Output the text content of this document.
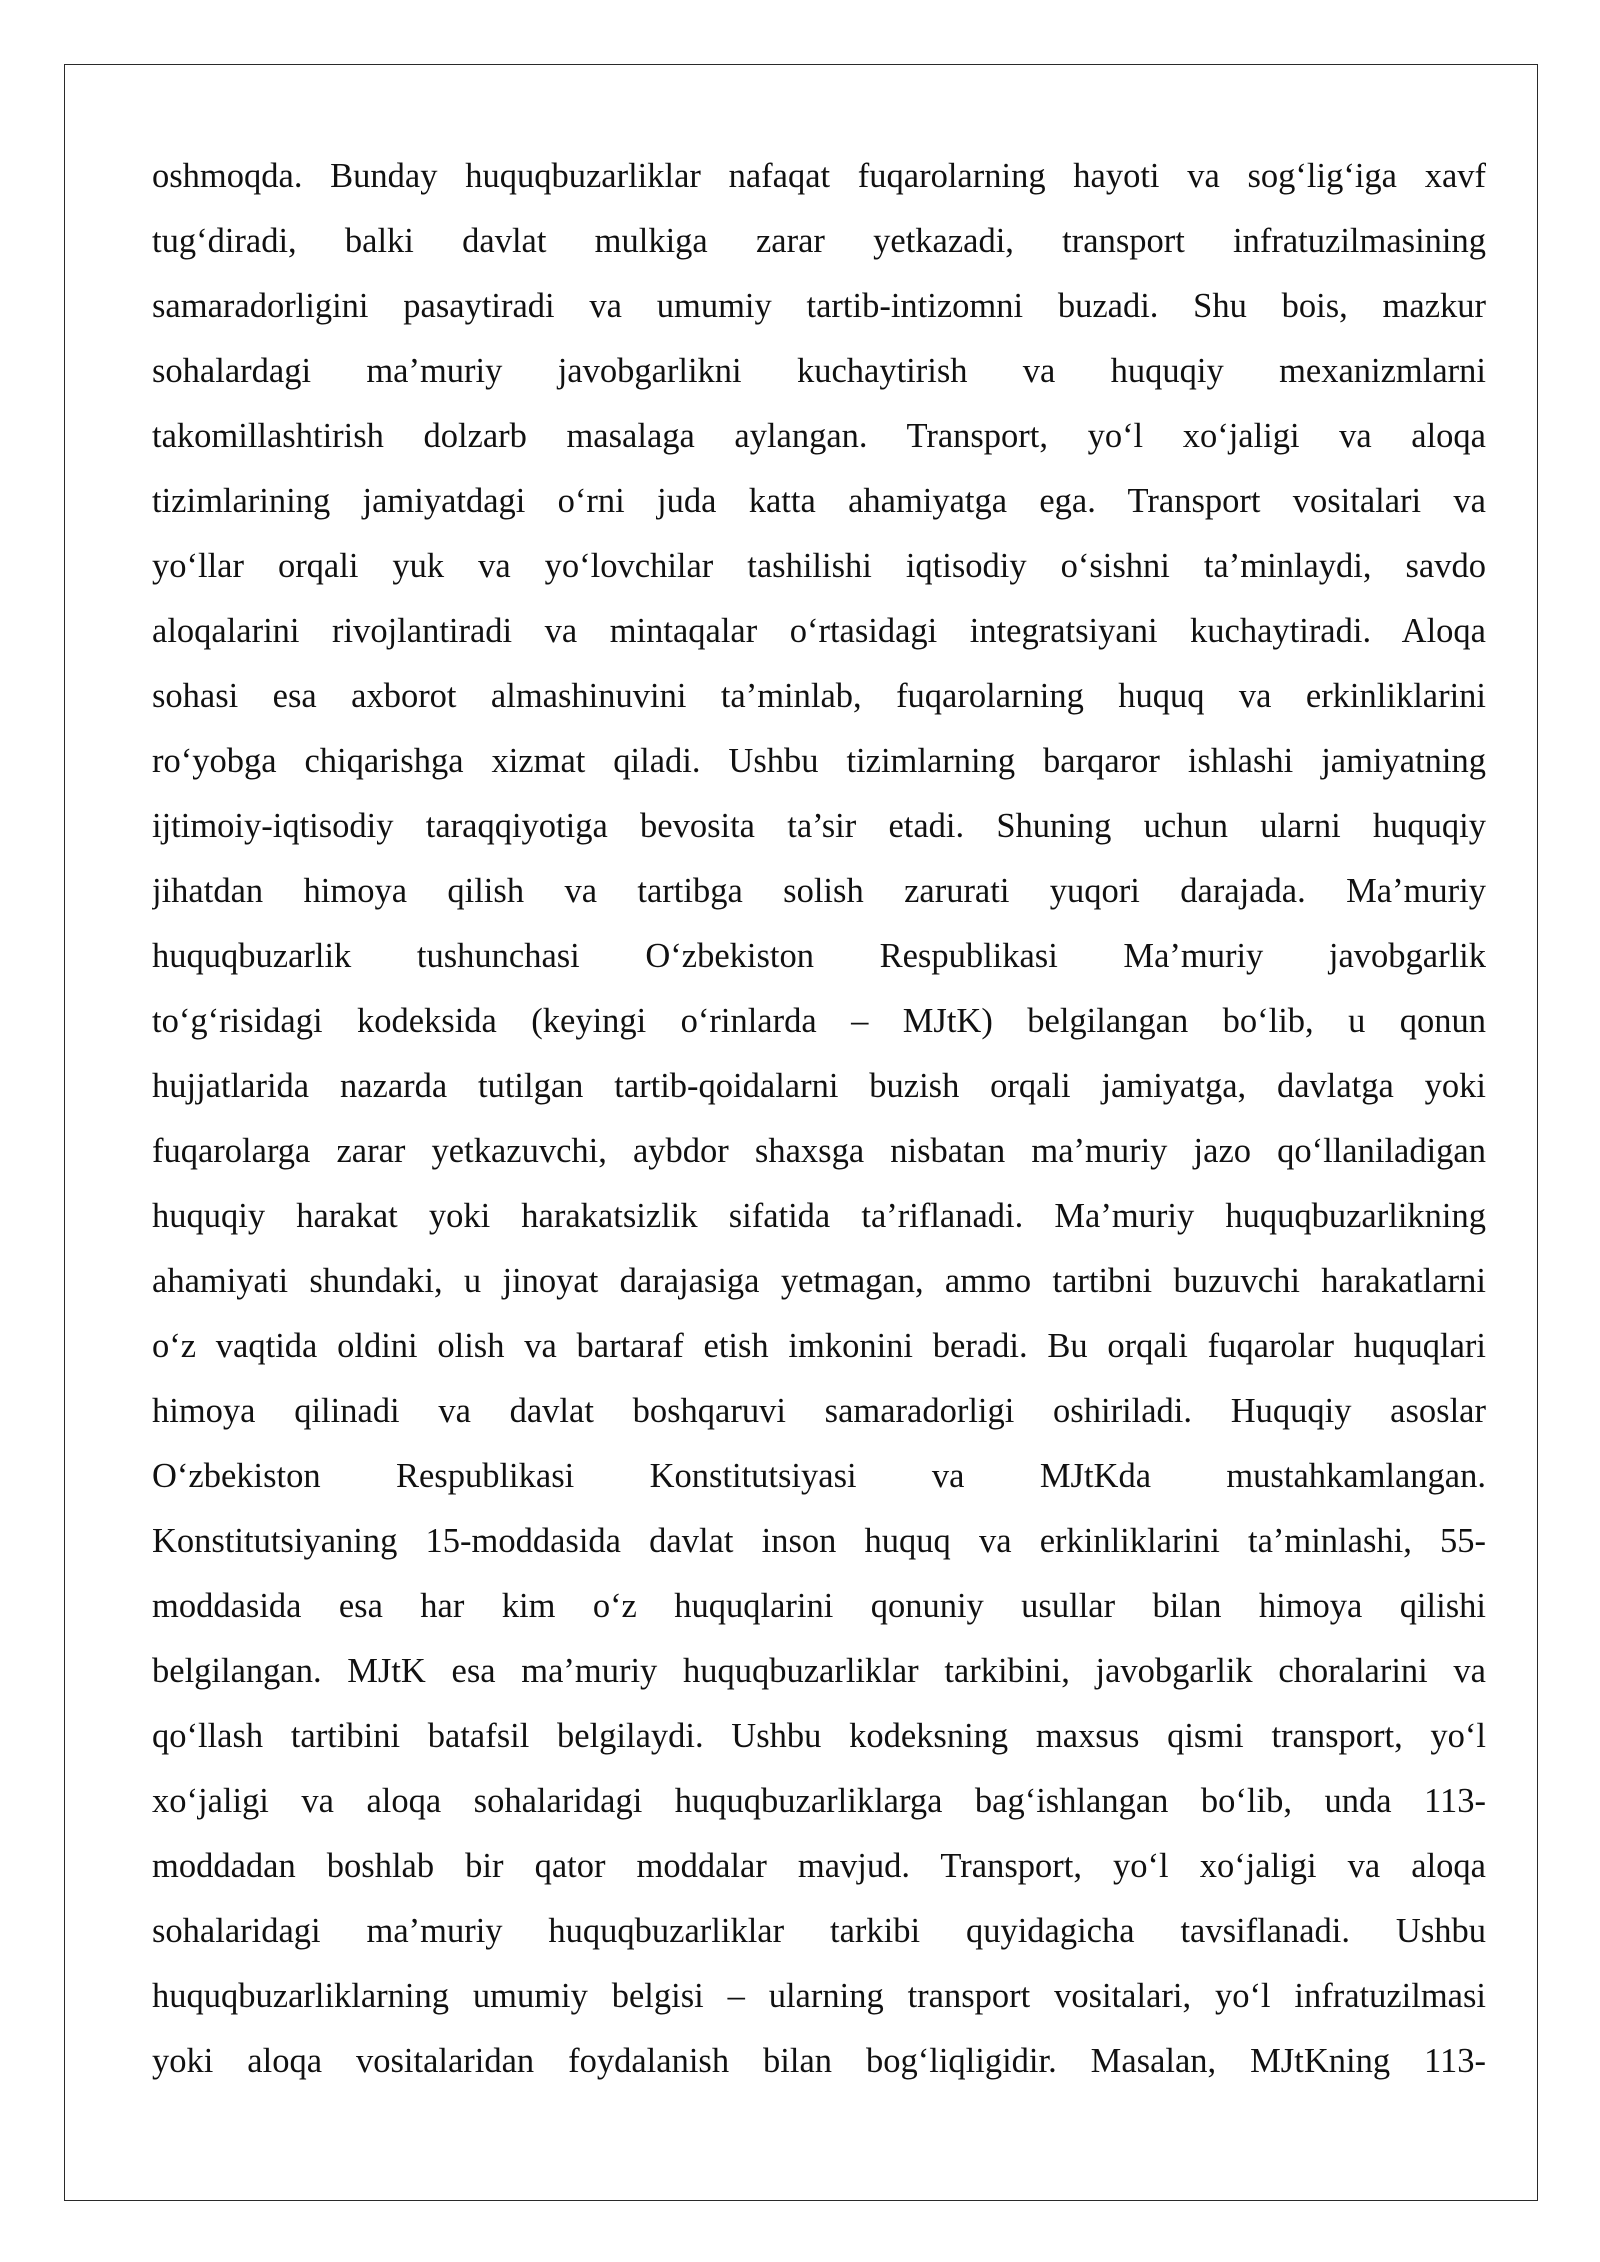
oshmoqda. Bunday huquqbuzarliklar nafaqat fuqarolarning hayoti va sog‘lig‘iga xavf
tug‘diradi, balki davlat mulkiga zarar yetkazadi, transport infratuzilmasining
samaradorligini pasaytiradi va umumiy tartib-intizomni buzadi. Shu bois, mazkur
sohalardagi ma’muriy javobgarlikni kuchaytirish va huquqiy mexanizmlarni
takomillashtirish dolzarb masalaga aylangan. Transport, yo‘l xo‘jaligi va aloqa
tizimlarining jamiyatdagi o‘rni juda katta ahamiyatga ega. Transport vositalari va
yo‘llar orqali yuk va yo‘lovchilar tashilishi iqtisodiy o‘sishni ta’minlaydi, savdo
aloqalarini rivojlantiradi va mintaqalar o‘rtasidagi integratsiyani kuchaytiradi. Aloqa
sohasi esa axborot almashinuvini ta’minlab, fuqarolarning huquq va erkinliklarini
ro‘yobga chiqarishga xizmat qiladi. Ushbu tizimlarning barqaror ishlashi jamiyatning
ijtimoiy-iqtisodiy taraqqiyotiga bevosita ta’sir etadi. Shuning uchun ularni huquqiy
jihatdan himoya qilish va tartibga solish zarurati yuqori darajada. Ma’muriy
huquqbuzarlik tushunchasi O‘zbekiston Respublikasi Ma’muriy javobgarlik
to‘g‘risidagi kodeksida (keyingi o‘rinlarda – MJtK) belgilangan bo‘lib, u qonun
hujjatlarida nazarda tutilgan tartib-qoidalarni buzish orqali jamiyatga, davlatga yoki
fuqarolarga zarar yetkazuvchi, aybdor shaxsga nisbatan ma’muriy jazo qo‘llaniladigan
huquqiy harakat yoki harakatsizlik sifatida ta’riflanadi. Ma’muriy huquqbuzarlikning
ahamiyati shundaki, u jinoyat darajasiga yetmagan, ammo tartibni buzuvchi harakatlarni
o‘z vaqtida oldini olish va bartaraf etish imkonini beradi. Bu orqali fuqarolar huquqlari
himoya qilinadi va davlat boshqaruvi samaradorligi oshiriladi. Huquqiy asoslar
O‘zbekiston Respublikasi Konstitutsiyasi va MJtKda mustahkamlangan.
Konstitutsiyaning 15-moddasida davlat inson huquq va erkinliklarini ta’minlashi, 55-
moddasida esa har kim o‘z huquqlarini qonuniy usullar bilan himoya qilishi
belgilangan. MJtK esa ma’muriy huquqbuzarliklar tarkibini, javobgarlik choralarini va
qo‘llash tartibini batafsil belgilaydi. Ushbu kodeksning maxsus qismi transport, yo‘l
xo‘jaligi va aloqa sohalaridagi huquqbuzarliklarga bag‘ishlangan bo‘lib, unda 113-
moddadan boshlab bir qator moddalar mavjud. Transport, yo‘l xo‘jaligi va aloqa
sohalaridagi ma’muriy huquqbuzarliklar tarkibi quyidagicha tavsiflanadi. Ushbu
huquqbuzarliklarning umumiy belgisi – ularning transport vositalari, yo‘l infratuzilmasi
yoki aloqa vositalaridan foydalanish bilan bog‘liqligidir. Masalan, MJtKning 113-
